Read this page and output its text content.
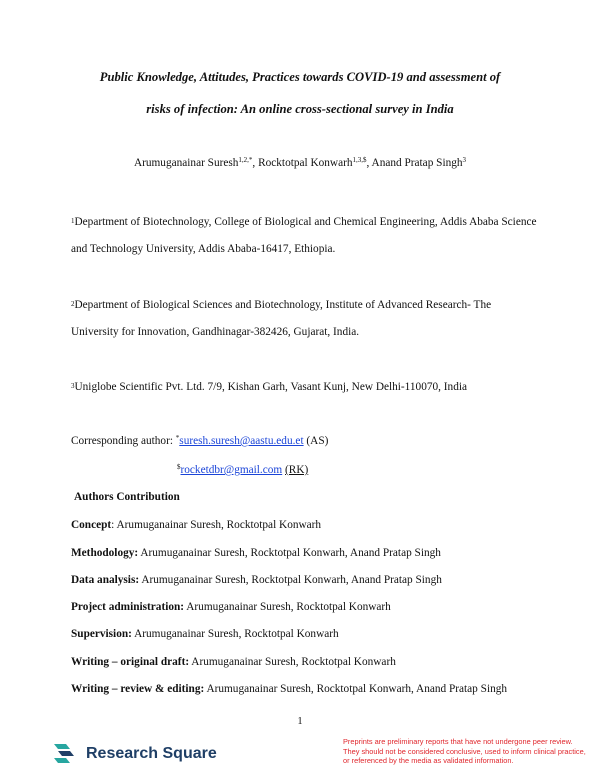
Public Knowledge, Attitudes, Practices towards COVID-19 and assessment of
risks of infection: An online cross-sectional survey in India
Arumuganainar Suresh$^{1,2,*}$, Rocktotpal Konwarh$^{1,3,\$}$, Anand Pratap Singh$^3$
$^1$Department of Biotechnology, College of Biological and Chemical Engineering, Addis Ababa Science and Technology University, Addis Ababa-16417, Ethiopia.
$^2$Department of Biological Sciences and Biotechnology, Institute of Advanced Research- The University for Innovation, Gandhinagar-382426, Gujarat, India.
$^3$Uniglobe Scientific Pvt. Ltd. 7/9, Kishan Garh, Vasant Kunj, New Delhi-110070, India
Corresponding author: *suresh.suresh@aastu.edu.et (AS)
$rocketdbr@gmail.com (RK)
Authors Contribution
Concept: Arumuganainar Suresh, Rocktotpal Konwarh
Methodology: Arumuganainar Suresh, Rocktotpal Konwarh, Anand Pratap Singh
Data analysis: Arumuganainar Suresh, Rocktotpal Konwarh, Anand Pratap Singh
Project administration: Arumuganainar Suresh, Rocktotpal Konwarh
Supervision: Arumuganainar Suresh, Rocktotpal Konwarh
Writing – original draft: Arumuganainar Suresh, Rocktotpal Konwarh
Writing – review & editing: Arumuganainar Suresh, Rocktotpal Konwarh, Anand Pratap Singh
1
Research Square
Preprints are preliminary reports that have not undergone peer review. They should not be considered conclusive, used to inform clinical practice, or referenced by the media as validated information.
